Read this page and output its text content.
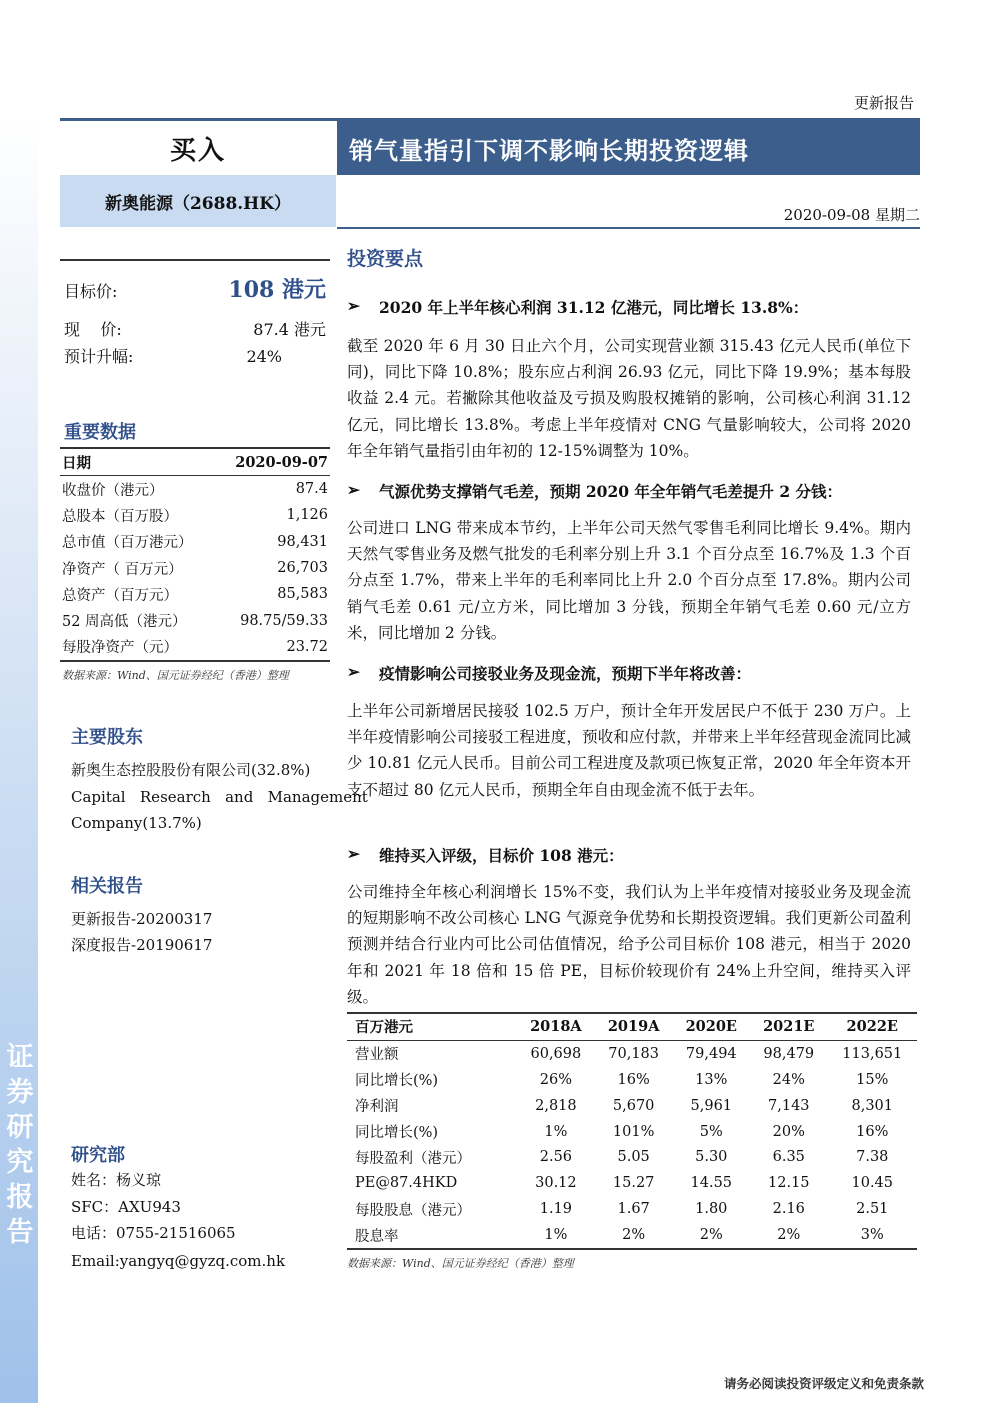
证
券
研
究
报
告
更新报告
买入	销气量指引下调不影响长期投资逻辑
新奥能源（2688.HK）
2020-09-08 星期二
目标价:	108 港元
现    价:	87.4 港元
预计升幅:	24%
重要数据
日期	2020-09-07
收盘价（港元）	87.4
总股本（百万股）	1,126
总市值（百万港元）	98,431
净资产（ 百万元）	26,703
总资产（百万元）	85,583
52 周高低（港元）	98.75/59.33
每股净资产（元）	23.72
数据来源：Wind、国元证券经纪（香港）整理
主要股东
新奥生态控股股份有限公司(32.8%)
Capital   Research   and   Management
Company(13.7%)
相关报告
更新报告-20200317
深度报告-20190617
研究部
姓名：杨义琼
SFC：AXU943
电话：0755-21516065
Email:yangyq@gyzq.com.hk
投资要点
➢	2020 年上半年核心利润 31.12 亿港元，同比增长 13.8%：
截至 2020 年 6 月 30 日止六个月，公司实现营业额 315.43 亿元人民币(单位下同)，同比下降 10.8%；股东应占利润 26.93 亿元，同比下降 19.9%；基本每股收益 2.4 元。若撇除其他收益及亏损及购股权摊销的影响，公司核心利润 31.12 亿元，同比增长 13.8%。考虑上半年疫情对 CNG 气量影响较大，公司将 2020 年全年销气量指引由年初的 12-15%调整为 10%。
➢	气源优势支撑销气毛差，预期 2020 年全年销气毛差提升 2 分钱：
公司进口 LNG 带来成本节约，上半年公司天然气零售毛利同比增长 9.4%。期内天然气零售业务及燃气批发的毛利率分别上升 3.1 个百分点至 16.7%及 1.3 个百分点至 1.7%，带来上半年的毛利率同比上升 2.0 个百分点至 17.8%。期内公司销气毛差 0.61 元/立方米，同比增加 3 分钱，预期全年销气毛差 0.60 元/立方米，同比增加 2 分钱。
➢	疫情影响公司接驳业务及现金流，预期下半年将改善：
上半年公司新增居民接驳 102.5 万户，预计全年开发居民户不低于 230 万户。上半年疫情影响公司接驳工程进度，预收和应付款，并带来上半年经营现金流同比减少 10.81 亿元人民币。目前公司工程进度及款项已恢复正常，2020 年全年资本开支不超过 80 亿元人民币，预期全年自由现金流不低于去年。
➢	维持买入评级，目标价 108 港元：
公司维持全年核心利润增长 15%不变，我们认为上半年疫情对接驳业务及现金流的短期影响不改公司核心 LNG 气源竞争优势和长期投资逻辑。我们更新公司盈利预测并结合行业内可比公司估值情况，给予公司目标价 108 港元，相当于 2020 年和 2021 年 18 倍和 15 倍 PE，目标价较现价有 24%上升空间，维持买入评级。
百万港元	2018A	2019A	2020E	2021E	2022E
营业额	60,698	70,183	79,494	98,479	113,651
同比增长(%)	26%	16%	13%	24%	15%
净利润	2,818	5,670	5,961	7,143	8,301
同比增长(%)	1%	101%	5%	20%	16%
每股盈利（港元）	2.56	5.05	5.30	6.35	7.38
PE@87.4HKD	30.12	15.27	14.55	12.15	10.45
每股股息（港元）	1.19	1.67	1.80	2.16	2.51
股息率	1%	2%	2%	2%	3%
数据来源：Wind、国元证券经纪（香港）整理
请务必阅读投资评级定义和免责条款
